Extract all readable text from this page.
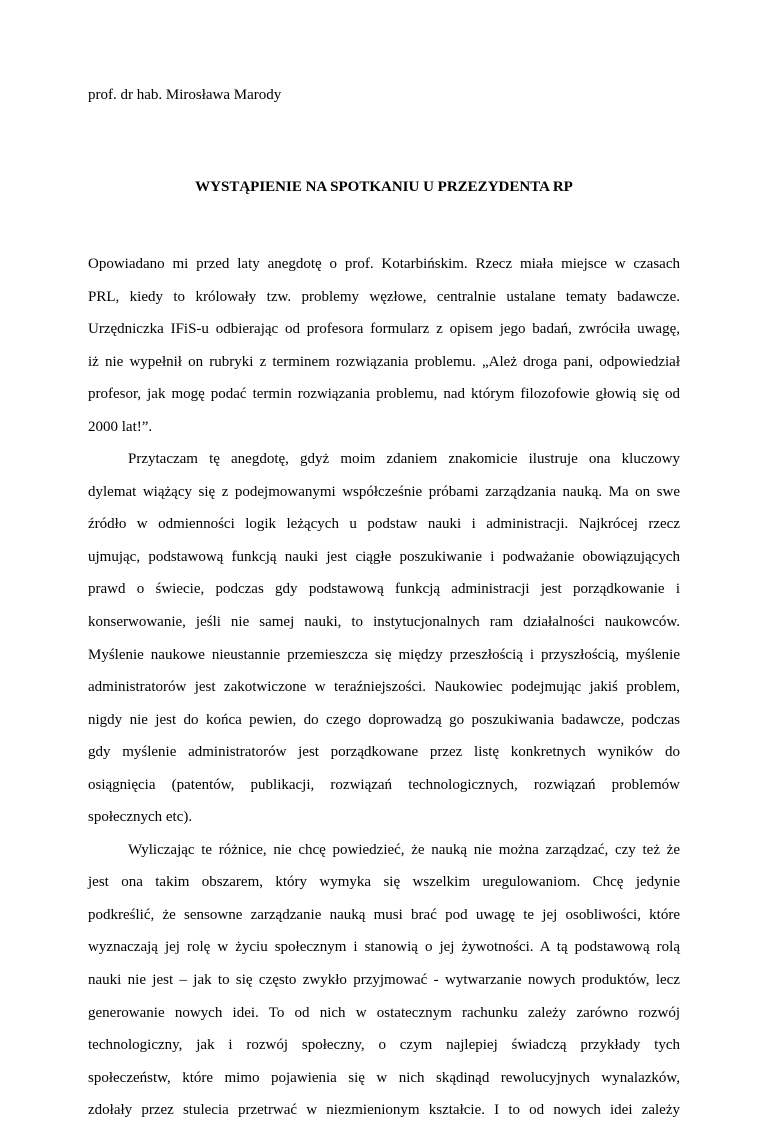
prof. dr hab. Mirosława Marody

WYSTĄPIENIE NA SPOTKANIU U PRZEZYDENTA RP

Opowiadano mi przed laty anegdotę o prof. Kotarbińskim. Rzecz miała miejsce w czasach
PRL, kiedy to królowały tzw. problemy węzłowe, centralnie ustalane tematy badawcze.
Urzędniczka IFiS-u odbierając od profesora formularz z opisem jego badań, zwróciła uwagę,
iż nie wypełnił on rubryki z terminem rozwiązania problemu. „Ależ droga pani, odpowiedział
profesor, jak mogę podać termin rozwiązania problemu, nad którym filozofowie głowią się od
2000 lat!”.
Przytaczam tę anegdotę, gdyż moim zdaniem znakomicie ilustruje ona kluczowy
dylemat wiążący się z podejmowanymi współcześnie próbami zarządzania nauką. Ma on swe
źródło w odmienności logik leżących u podstaw nauki i administracji. Najkrócej rzecz
ujmując, podstawową funkcją nauki jest ciągłe poszukiwanie i podważanie obowiązujących
prawd o świecie, podczas gdy podstawową funkcją administracji jest porządkowanie i
konserwowanie, jeśli nie samej nauki, to instytucjonalnych ram działalności naukowców.
Myślenie naukowe nieustannie przemieszcza się między przeszłością i przyszłością, myślenie
administratorów jest zakotwiczone w teraźniejszości. Naukowiec podejmując jakiś problem,
nigdy nie jest do końca pewien, do czego doprowadzą go poszukiwania badawcze, podczas
gdy myślenie administratorów jest porządkowane przez listę konkretnych wyników do
osiągnięcia (patentów, publikacji, rozwiązań technologicznych, rozwiązań problemów
społecznych etc).
Wyliczając te różnice, nie chcę powiedzieć, że nauką nie można zarządzać, czy też że
jest ona takim obszarem, który wymyka się wszelkim uregulowaniom. Chcę jedynie
podkreślić, że sensowne zarządzanie nauką musi brać pod uwagę te jej osobliwości, które
wyznaczają jej rolę w życiu społecznym i stanowią o jej żywotności. A tą podstawową rolą
nauki nie jest – jak to się często zwykło przyjmować - wytwarzanie nowych produktów, lecz
generowanie nowych idei. To od nich w ostatecznym rachunku zależy zarówno rozwój
technologiczny, jak i rozwój społeczny, o czym najlepiej świadczą przykłady tych
społeczeństw, które mimo pojawienia się w nich skądinąd rewolucyjnych wynalazków,
zdołały przez stulecia przetrwać w niezmienionym kształcie. I to od nowych idei zależy
